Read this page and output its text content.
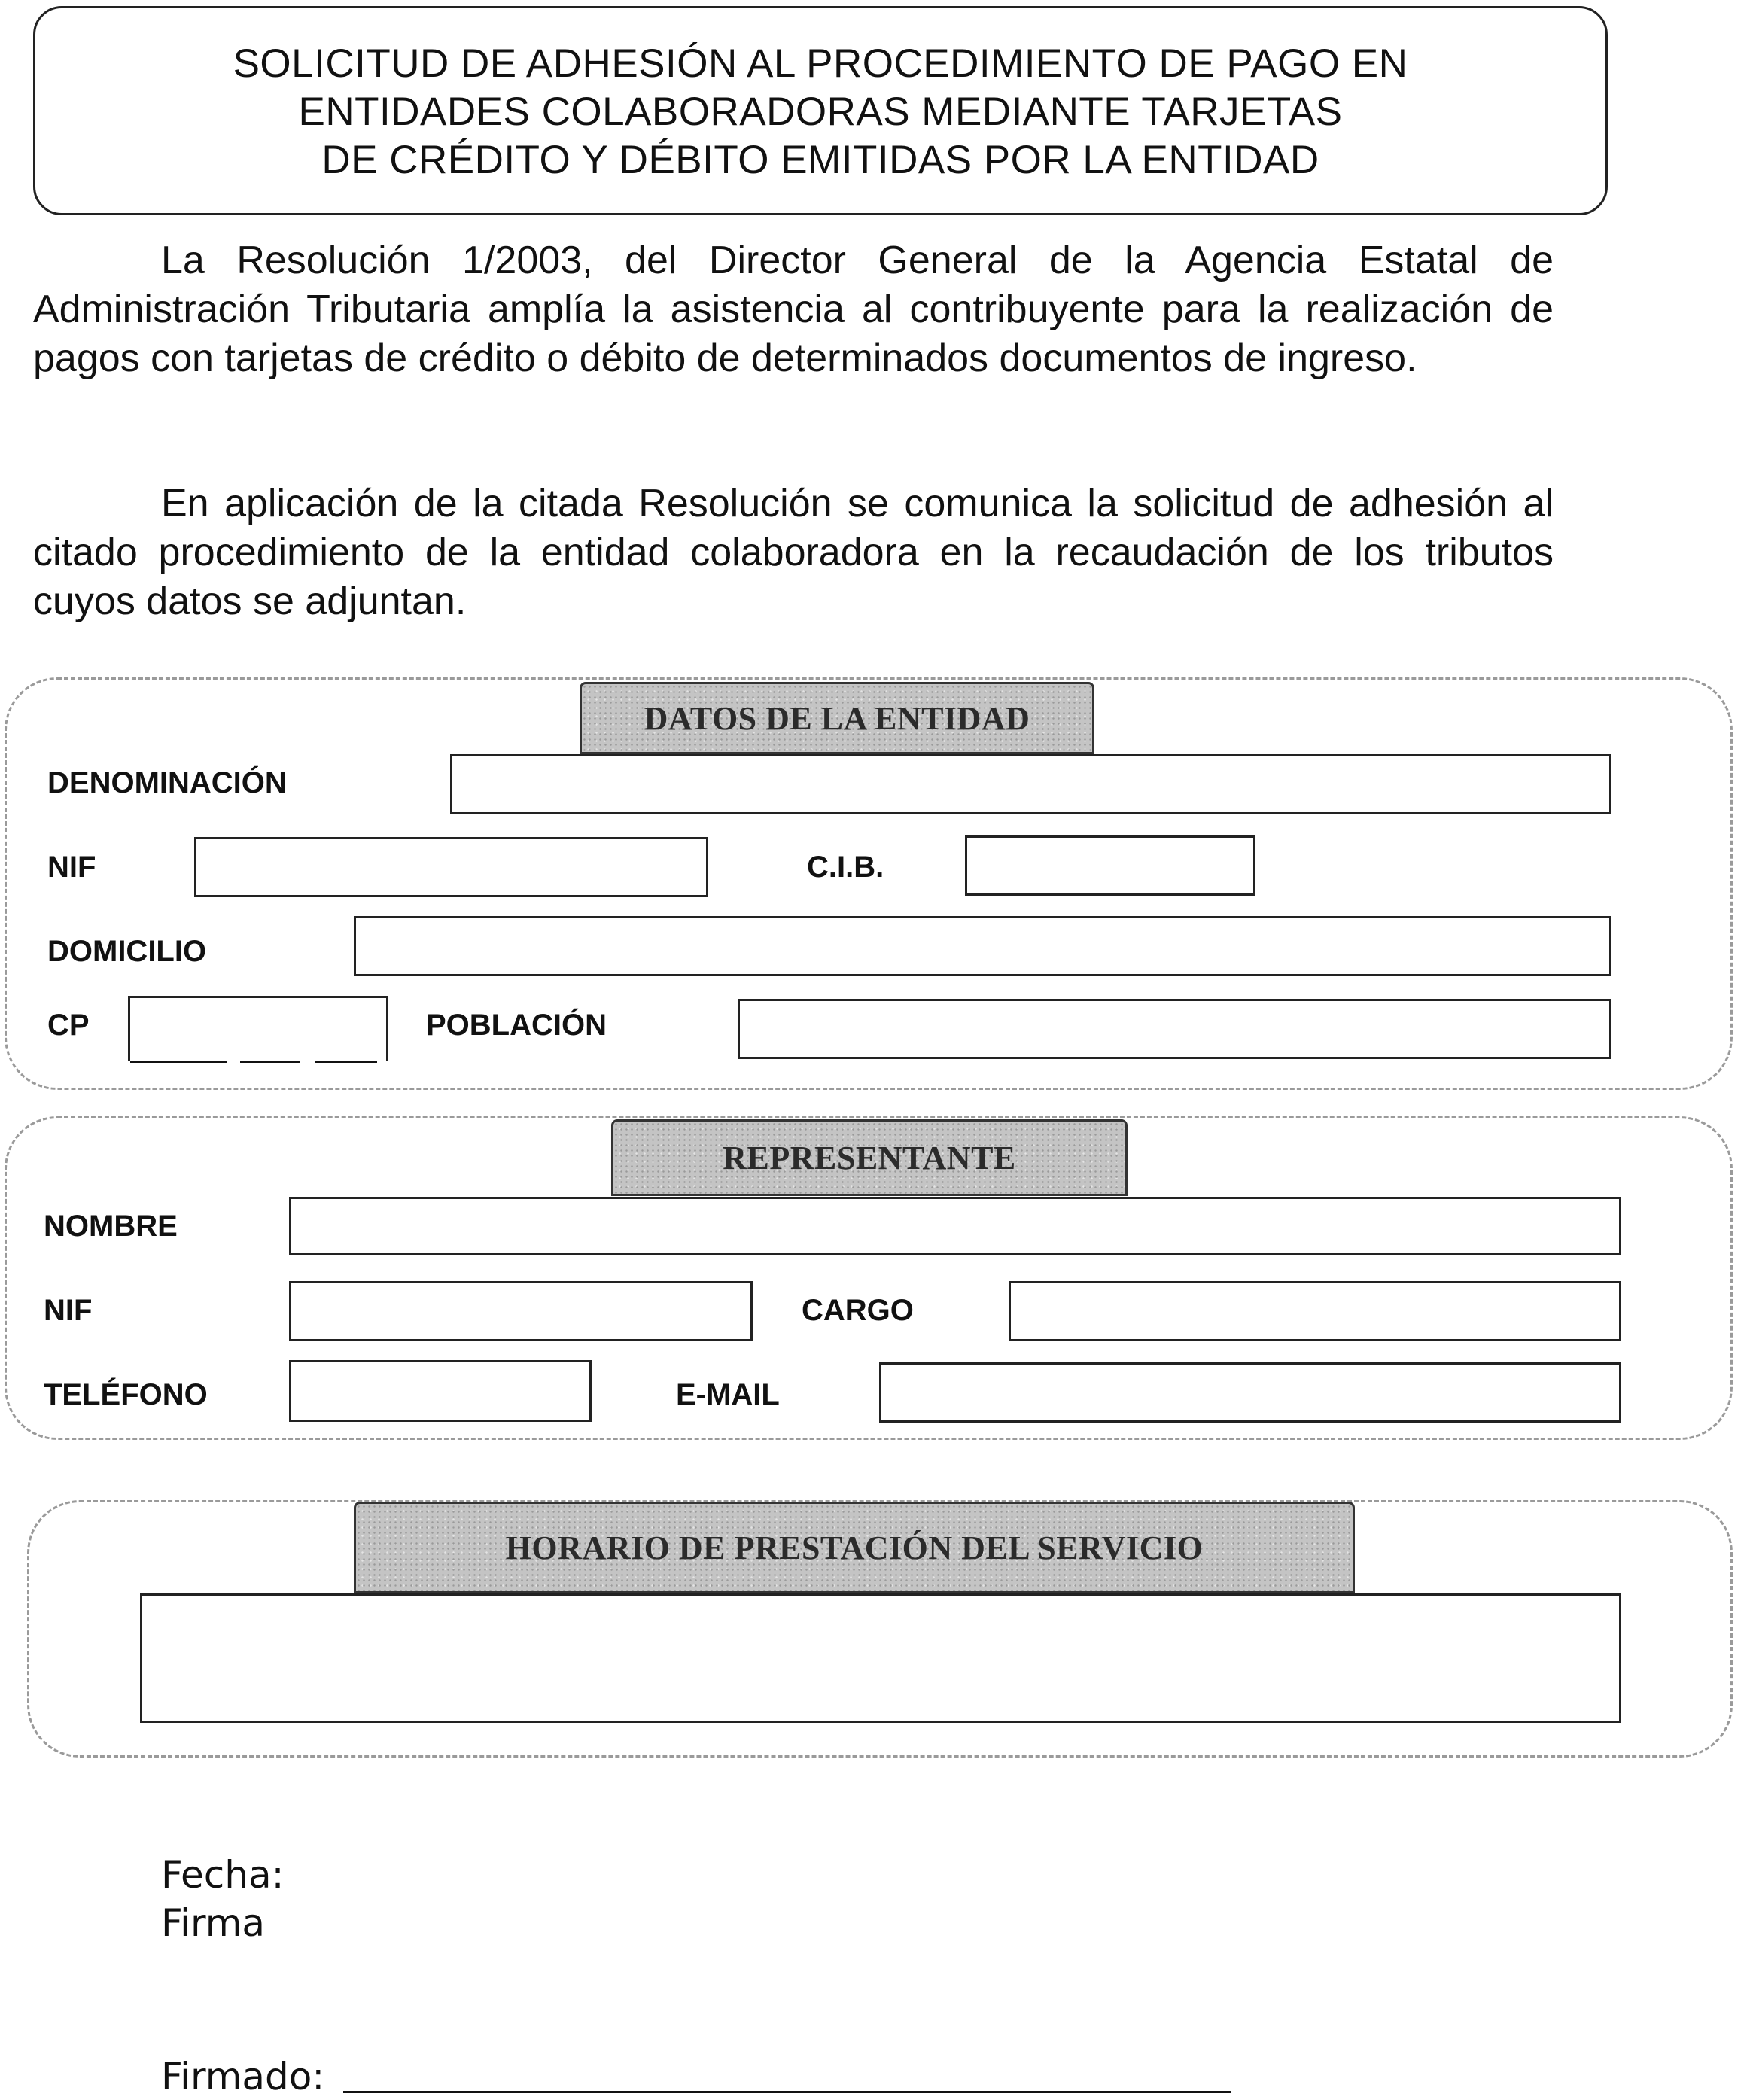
SOLICITUD DE ADHESIÓN AL PROCEDIMIENTO DE PAGO EN
ENTIDADES COLABORADORAS MEDIANTE TARJETAS
DE CRÉDITO Y DÉBITO EMITIDAS POR LA ENTIDAD
La Resolución 1/2003, del Director General de la Agencia Estatal de Administración Tributaria amplía la asistencia al contribuyente para la realización de pagos con tarjetas de crédito o débito de determinados documentos de ingreso.
En aplicación de la citada Resolución se comunica la solicitud de adhesión al citado procedimiento de la entidad colaboradora en la recaudación de los tributos cuyos datos se adjuntan.
DATOS DE LA ENTIDAD
DENOMINACIÓN
NIF	C.I.B.
DOMICILIO
CP	POBLACIÓN
REPRESENTANTE
NOMBRE
NIF	CARGO
TELÉFONO	E-MAIL
HORARIO DE PRESTACIÓN DEL SERVICIO
Fecha:
Firma
Firmado:
